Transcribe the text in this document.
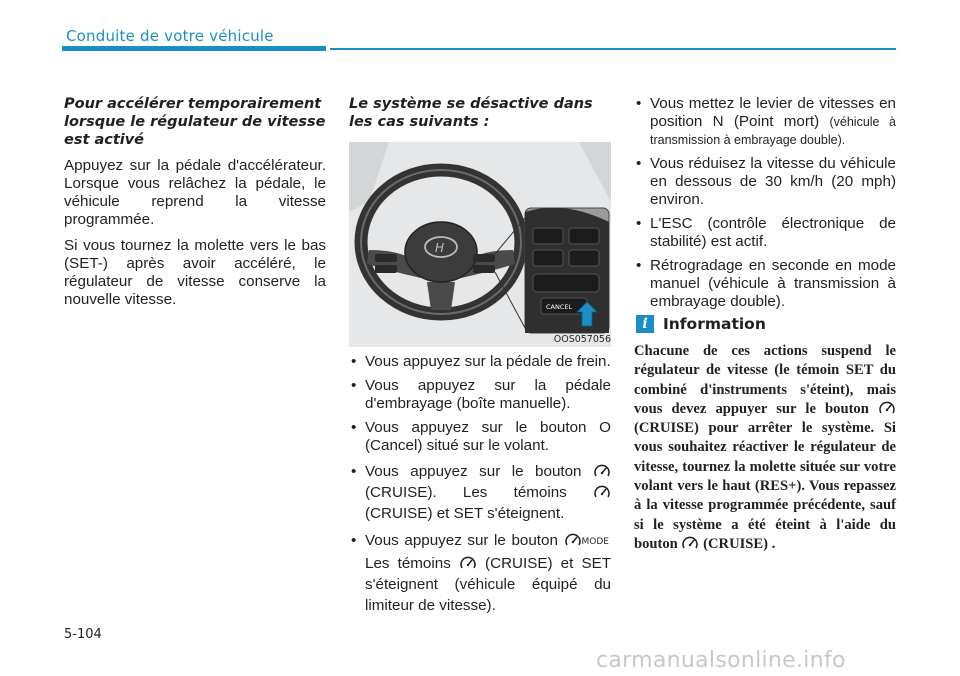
Conduite de votre véhicule
Pour accélérer temporairement lorsque le régulateur de vitesse est activé

Appuyez sur la pédale d'accélérateur. Lorsque vous relâchez la pédale, le véhicule reprend la vitesse programmée.

Si vous tournez la molette vers le bas (SET-) après avoir accéléré, le régulateur de vitesse conserve la nouvelle vitesse.

Le système se désactive dans les cas suivants :
H
CANCEL
OOS057056
• Vous appuyez sur la pédale de frein.
• Vous appuyez sur la pédale d'embrayage (boîte manuelle).
• Vous appuyez sur le bouton O (Cancel) situé sur le volant.
• Vous appuyez sur le bouton  (CRUISE). Les témoins  (CRUISE) et SET s'éteignent.
• Vous appuyez sur le bouton	MODE Les témoins (CRUISE) et SET s'éteignent (véhicule équipé du limiteur de vitesse).
• Vous mettez le levier de vitesses en position N (Point mort) (véhicule à transmission à embrayage double).
• Vous réduisez la vitesse du véhicule en dessous de 30 km/h (20 mph) environ.
• L'ESC (contrôle électronique de stabilité) est actif.
• Rétrogradage en seconde en mode manuel (véhicule à transmission à embrayage double).
i Information
Chacune de ces actions suspend le régulateur de vitesse (le témoin SET du combiné d'instruments s'éteint), mais vous devez appuyer sur le bouton  (CRUISE) pour arrêter le système. Si vous souhaitez réactiver le régulateur de vitesse, tournez la molette située sur votre volant vers le haut (RES+). Vous repassez à la vitesse programmée précédente, sauf si le système a été éteint à l'aide du bouton (CRUISE) .
5-104
carmanualsonline.info
